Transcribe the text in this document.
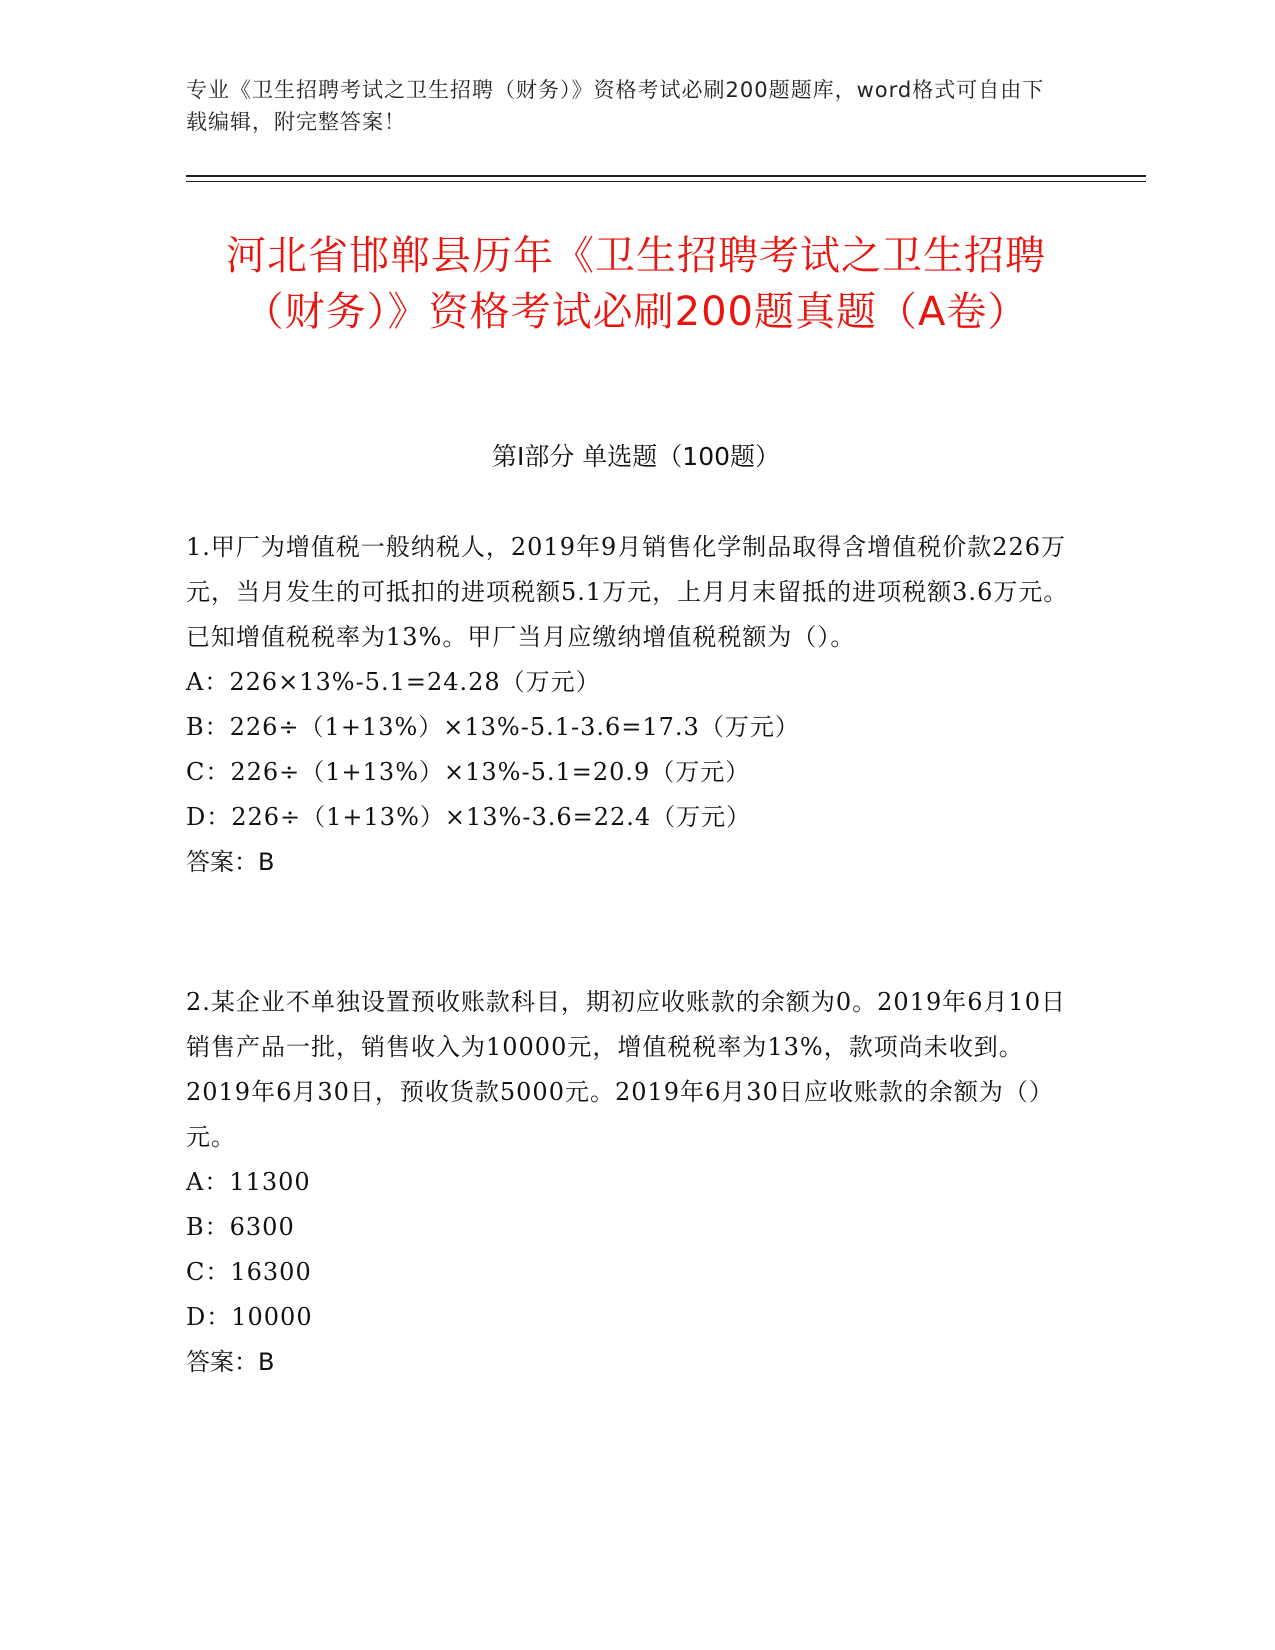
专业《卫生招聘考试之卫生招聘（财务）》资格考试必刷200题题库，word格式可自由下载编辑，附完整答案！
河北省邯郸县历年《卫生招聘考试之卫生招聘（财务）》资格考试必刷200题真题（A卷）
第I部分 单选题（100题）

1.甲厂为增值税一般纳税人，2019年9月销售化学制品取得含增值税价款226万元，当月发生的可抵扣的进项税额5.1万元，上月月末留抵的进项税额3.6万元。已知增值税税率为13%。甲厂当月应缴纳增值税税额为（）。

A：226×13%-5.1=24.28（万元）

B：226÷（1+13%）×13%-5.1-3.6=17.3（万元）

C：226÷（1+13%）×13%-5.1=20.9（万元）

D：226÷（1+13%）×13%-3.6=22.4（万元）

答案：B

2.某企业不单独设置预收账款科目，期初应收账款的余额为0。2019年6月10日销售产品一批，销售收入为10000元，增值税税率为13%，款项尚未收到。2019年6月30日，预收货款5000元。2019年6月30日应收账款的余额为（）元。

A：11300

B：6300

C：16300

D：10000

答案：B
